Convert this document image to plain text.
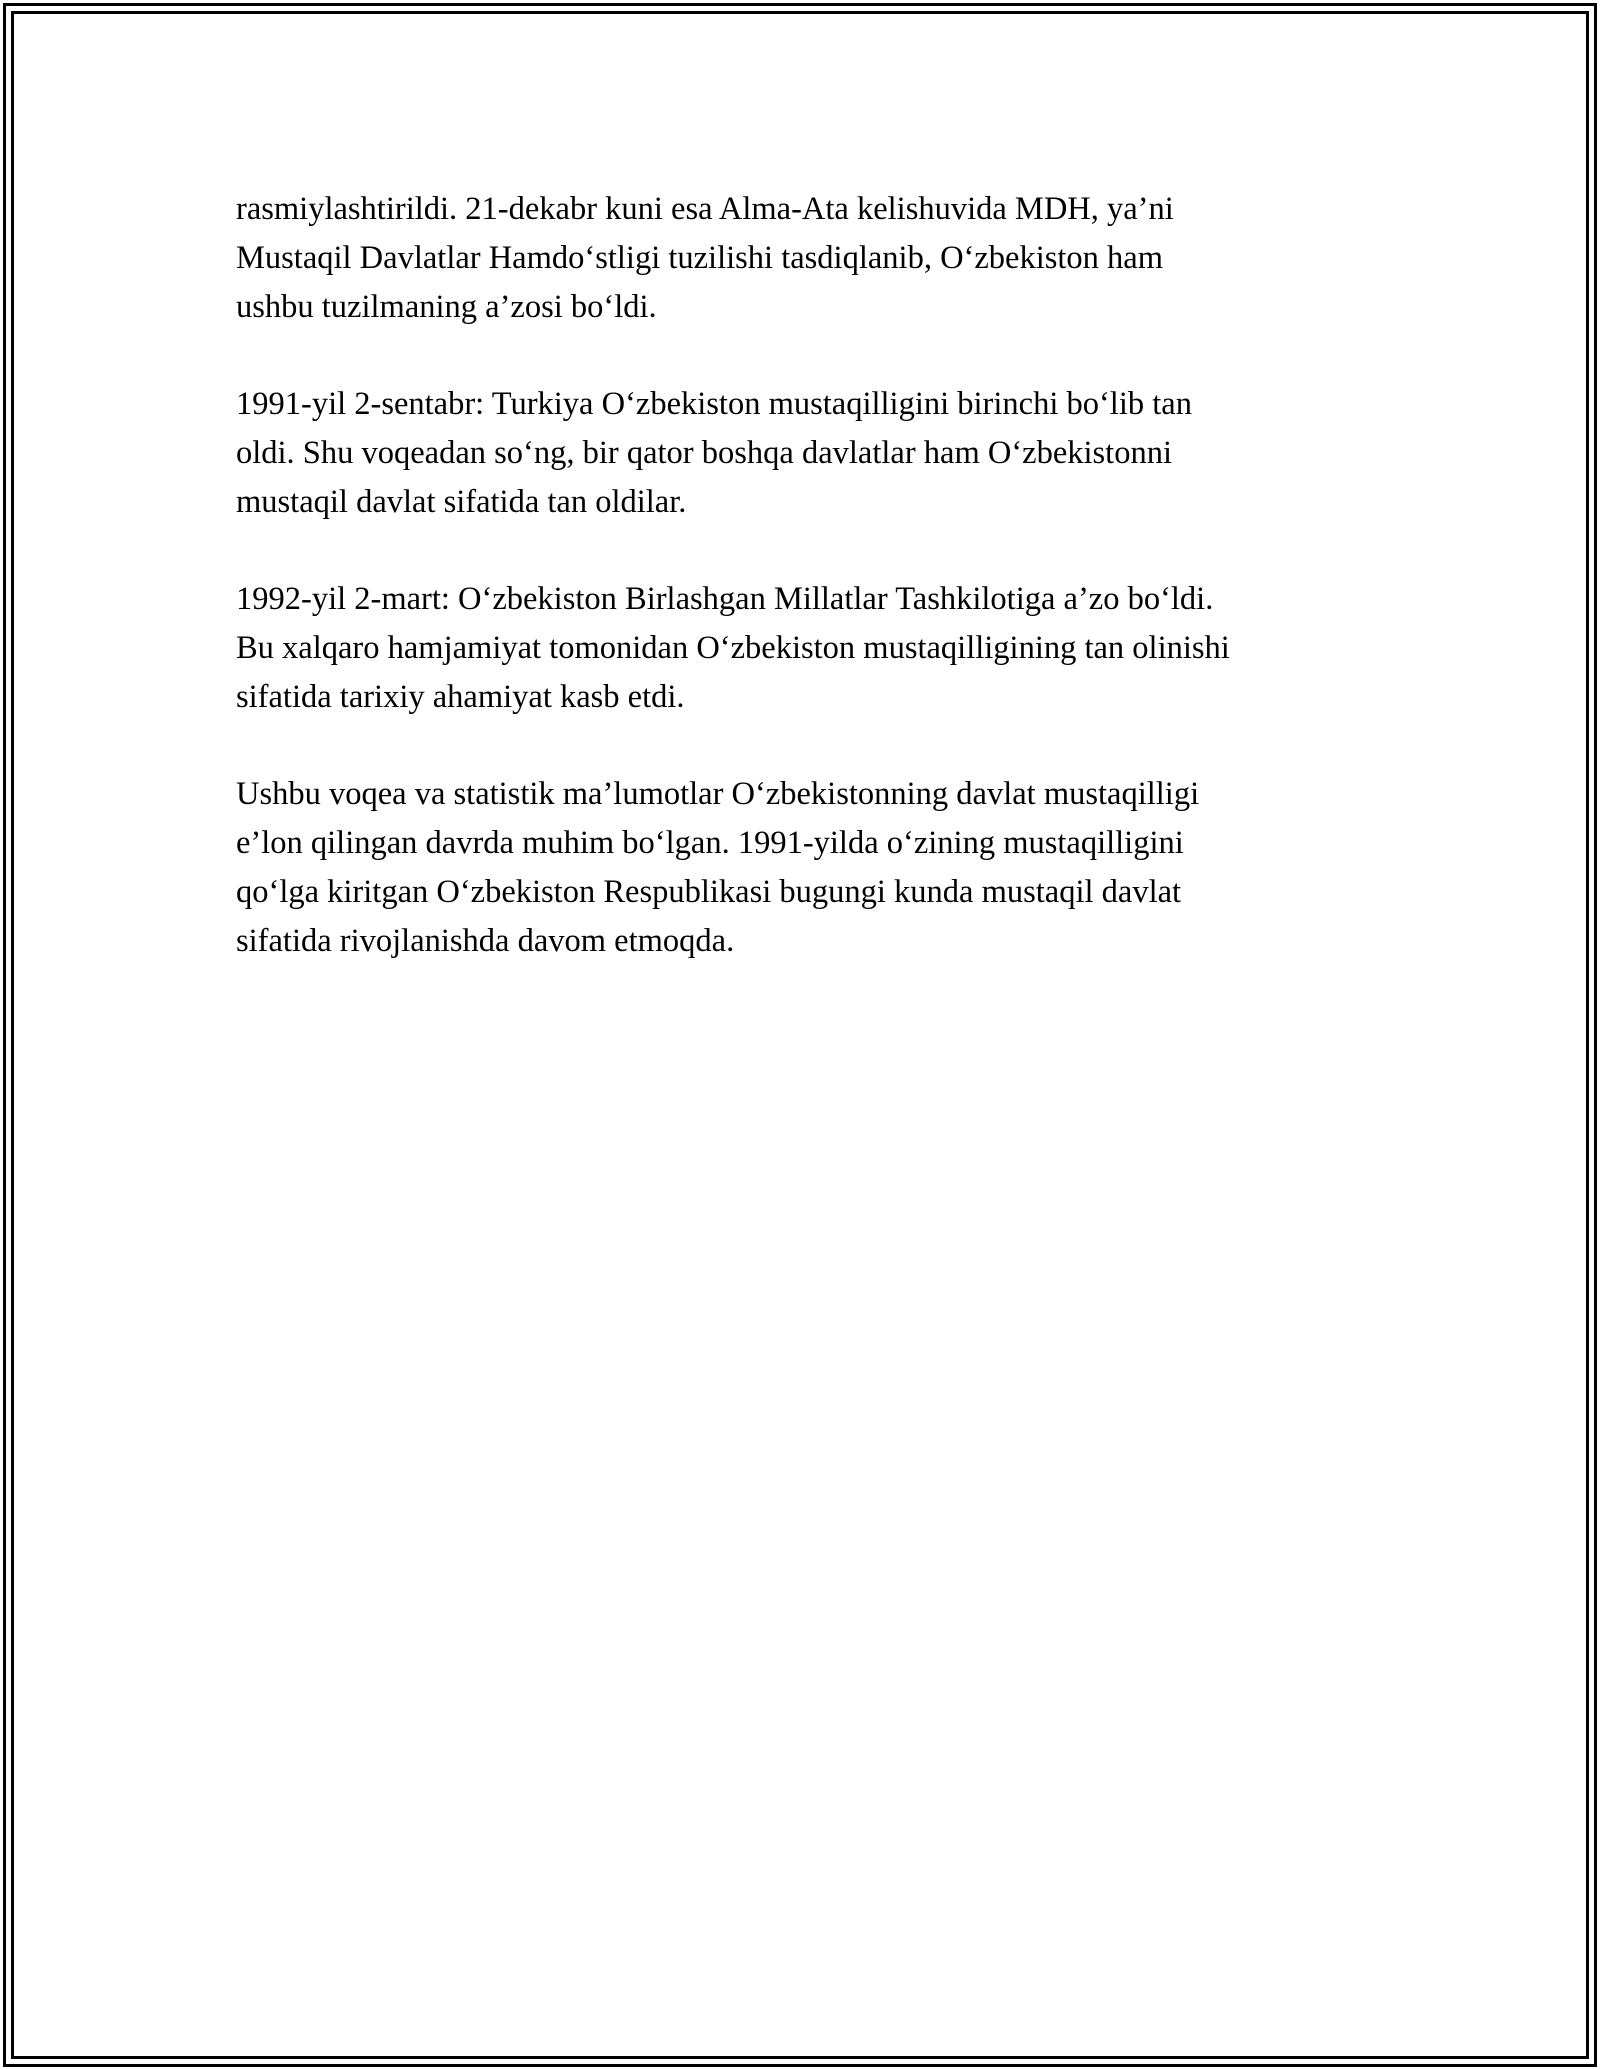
rasmiylashtirildi. 21-dekabr kuni esa Alma-Ata kelishuvida MDH, ya’ni
Mustaqil Davlatlar Hamdo‘stligi tuzilishi tasdiqlanib, O‘zbekiston ham
ushbu tuzilmaning a’zosi bo‘ldi.

1991-yil 2-sentabr: Turkiya O‘zbekiston mustaqilligini birinchi bo‘lib tan
oldi. Shu voqeadan so‘ng, bir qator boshqa davlatlar ham O‘zbekistonni
mustaqil davlat sifatida tan oldilar.

1992-yil 2-mart: O‘zbekiston Birlashgan Millatlar Tashkilotiga a’zo bo‘ldi.
Bu xalqaro hamjamiyat tomonidan O‘zbekiston mustaqilligining tan olinishi
sifatida tarixiy ahamiyat kasb etdi.

Ushbu voqea va statistik ma’lumotlar O‘zbekistonning davlat mustaqilligi
e’lon qilingan davrda muhim bo‘lgan. 1991-yilda o‘zining mustaqilligini
qo‘lga kiritgan O‘zbekiston Respublikasi bugungi kunda mustaqil davlat
sifatida rivojlanishda davom etmoqda.
